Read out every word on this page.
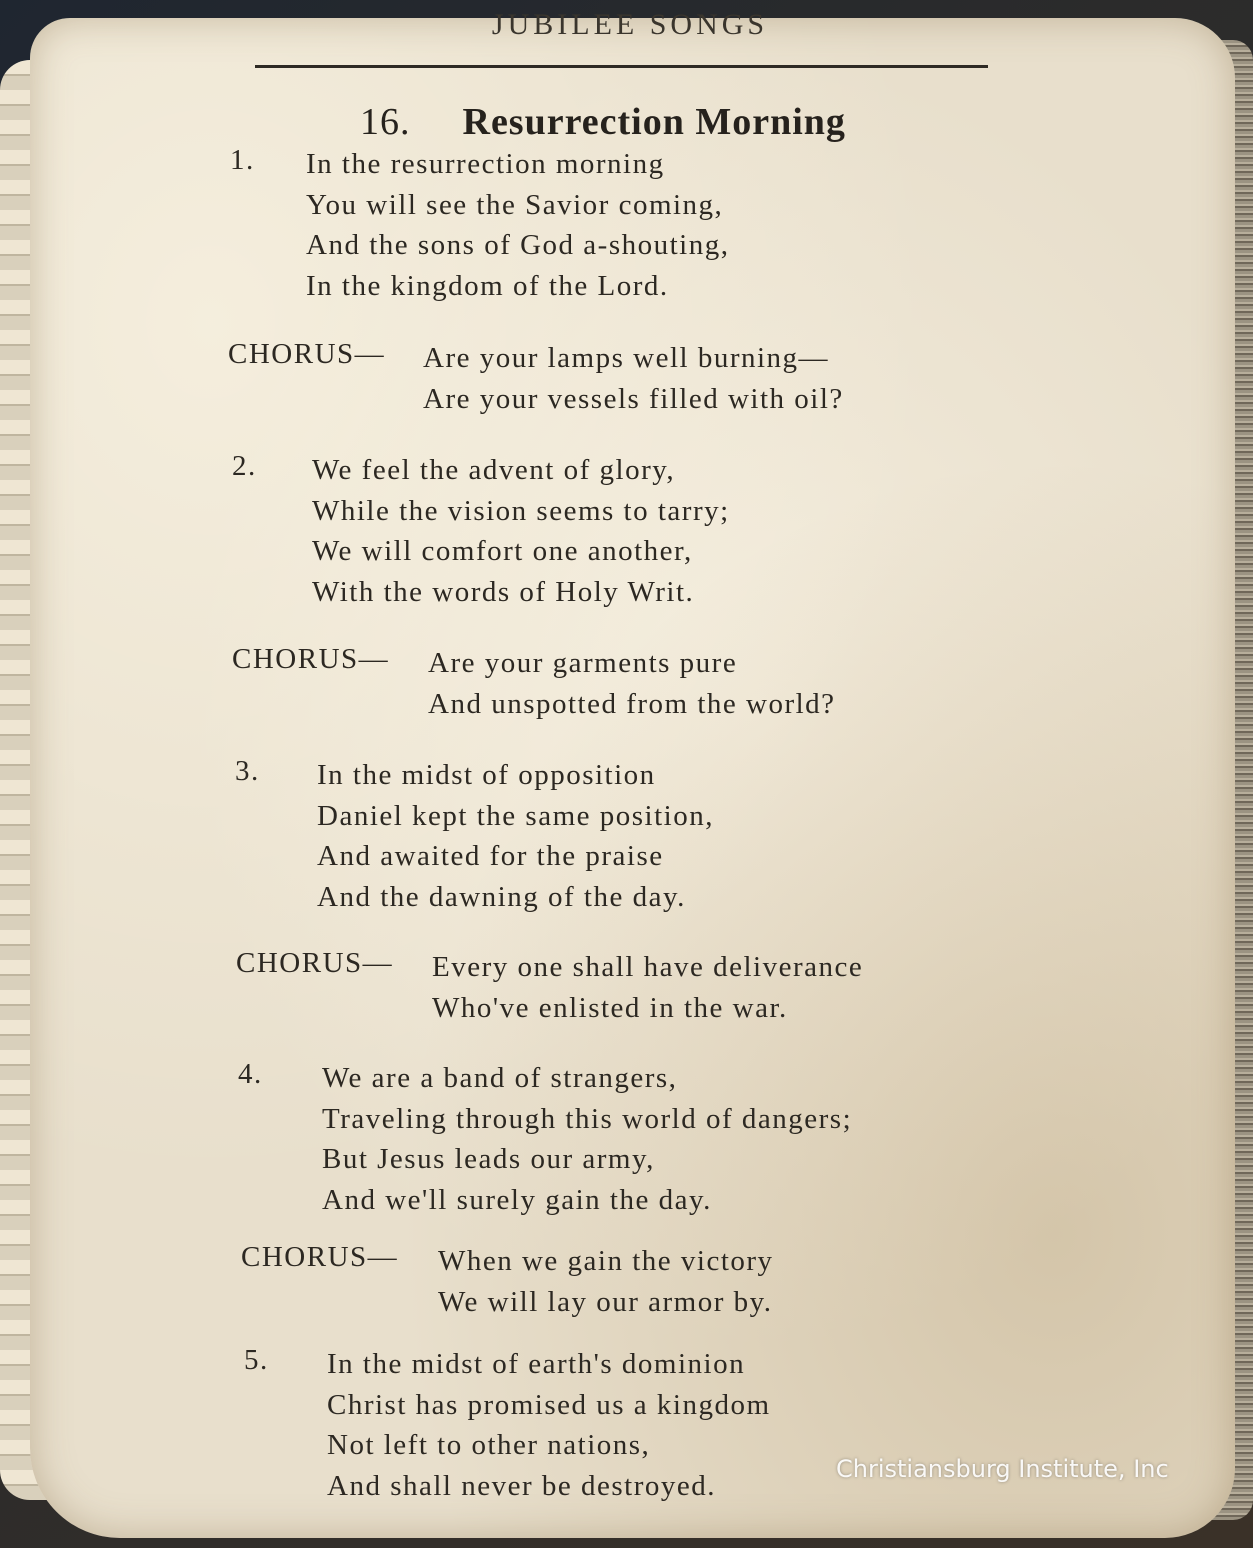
JUBILEE SONGS
16. Resurrection Morning
1.	In the resurrection morning
You will see the Savior coming,
And the sons of God a-shouting,
In the kingdom of the Lord.
CHORUS— Are your lamps well burning—
Are your vessels filled with oil?
2.	We feel the advent of glory,
While the vision seems to tarry;
We will comfort one another,
With the words of Holy Writ.
CHORUS— Are your garments pure
And unspotted from the world?
3.	In the midst of opposition
Daniel kept the same position,
And awaited for the praise
And the dawning of the day.
CHORUS— Every one shall have deliverance
Who've enlisted in the war.
4.	We are a band of strangers,
Traveling through this world of dangers;
But Jesus leads our army,
And we'll surely gain the day.
CHORUS— When we gain the victory
We will lay our armor by.
5.	In the midst of earth's dominion
Christ has promised us a kingdom
Not left to other nations,
And shall never be destroyed.
Christiansburg Institute, Inc
